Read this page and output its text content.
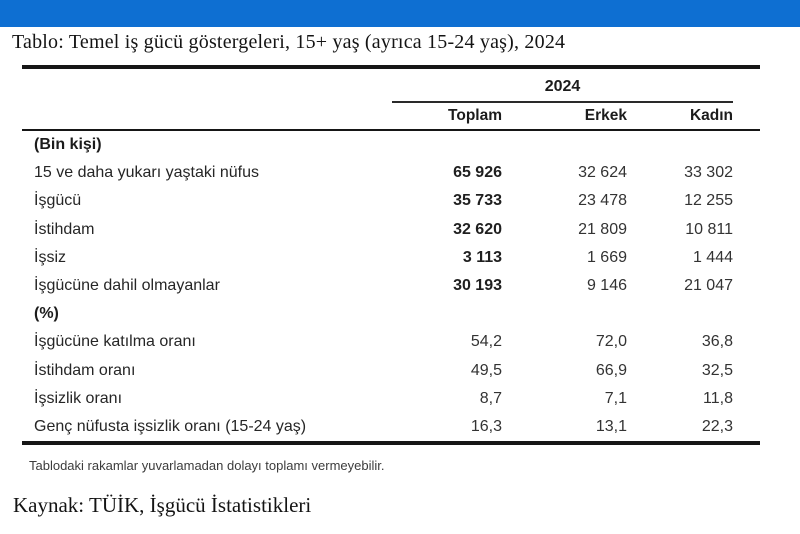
Tablo: Temel iş gücü göstergeleri, 15+ yaş (ayrıca 15-24 yaş), 2024
2024
Toplam	Erkek	Kadın
(Bin kişi)
15 ve daha yukarı yaştaki nüfus	65 926	32 624	33 302
İşgücü	35 733	23 478	12 255
İstihdam	32 620	21 809	10 811
İşsiz	3 113	1 669	1 444
İşgücüne dahil olmayanlar	30 193	9 146	21 047
(%)
İşgücüne katılma oranı	54,2	72,0	36,8
İstihdam oranı	49,5	66,9	32,5
İşsizlik oranı	8,7	7,1	11,8
Genç nüfusta işsizlik oranı (15-24 yaş)	16,3	13,1	22,3
Tablodaki rakamlar yuvarlamadan dolayı toplamı vermeyebilir.
Kaynak: TÜİK, İşgücü İstatistikleri
